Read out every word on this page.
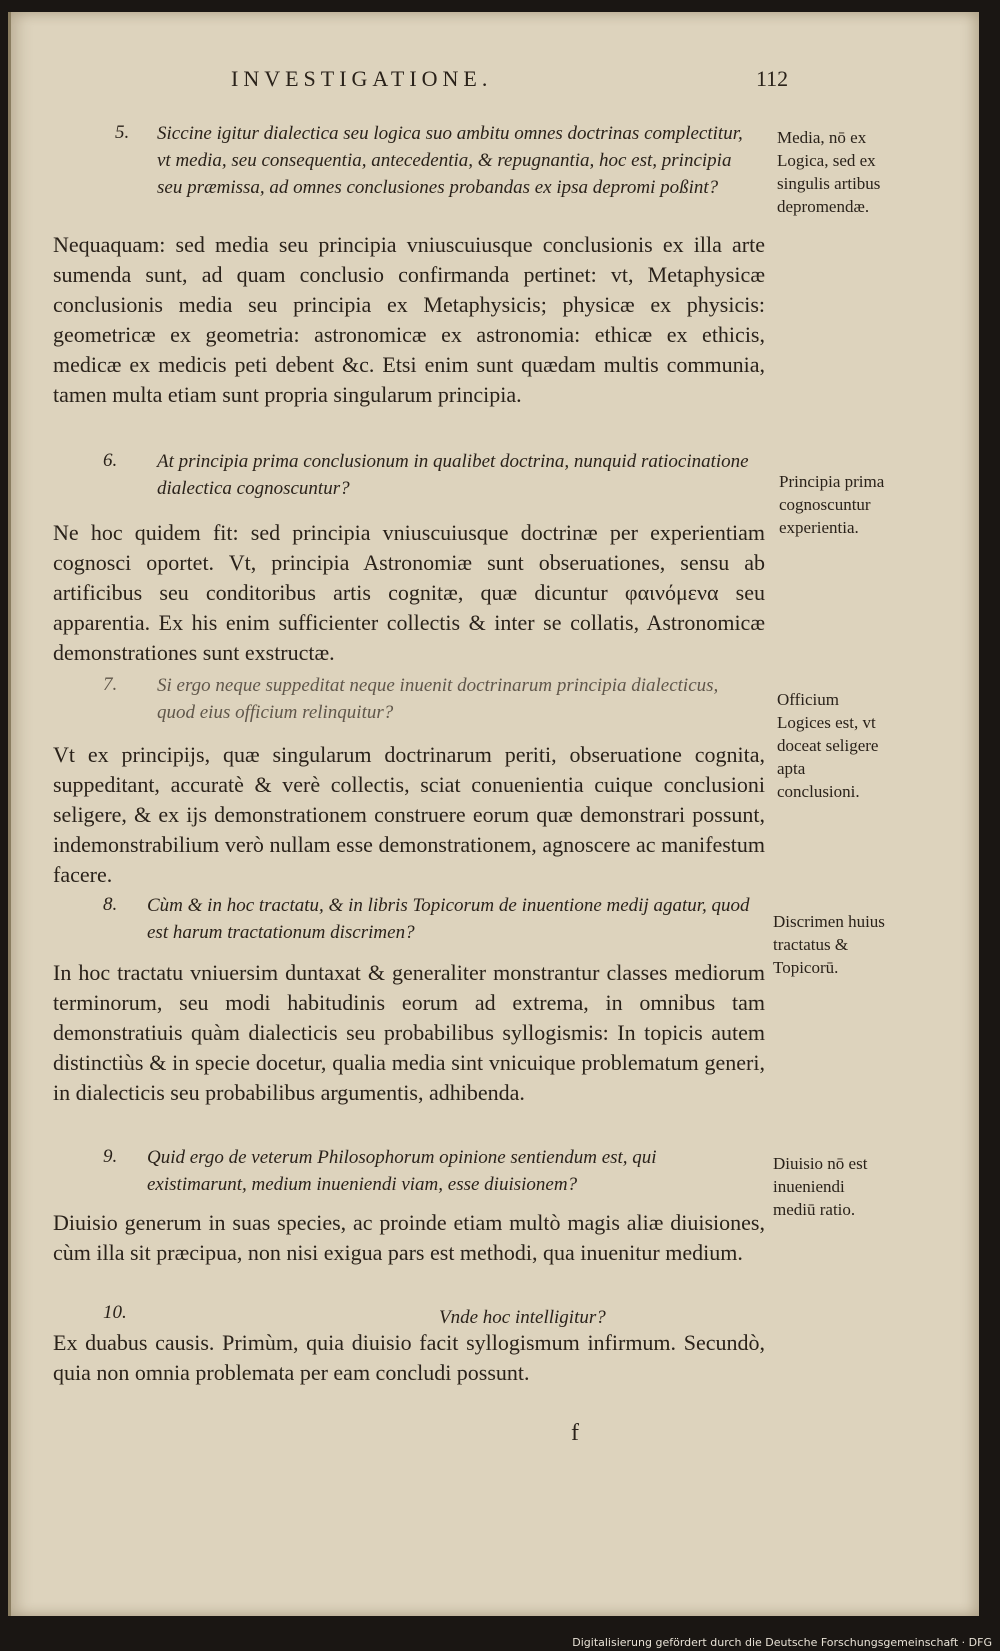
INVESTIGATIONE.	112
5. Siccine igitur dialectica seu logica suo ambitu omnes doctrinas complectitur, vt media, seu consequentia, antecedentia, & repugnantia, hoc est, principia seu præmissa, ad omnes conclusiones probandas ex ipsa depromi poßint?
Nequaquam: sed media seu principia vniuscuiusque conclusionis ex illa arte sumenda sunt, ad quam conclusio confirmanda pertinet: vt, Metaphysicæ conclusionis media seu principia ex Metaphysicis; physicæ ex physicis: geometricæ ex geometria: astronomicæ ex astronomia: ethicæ ex ethicis, medicæ ex medicis peti debent &c. Etsi enim sunt quædam multis communia, tamen multa etiam sunt propria singularum principia.
Media, nō ex Logica, sed ex singulis artibus depromendæ.
6. At principia prima conclusionum in qualibet doctrina, nunquid ratiocinatione dialectica cognoscuntur?
Ne hoc quidem fit: sed principia vniuscuiusque doctrinæ per experientiam cognosci oportet. Vt, principia Astronomiæ sunt obseruationes, sensu ab artificibus seu conditoribus artis cognitæ, quæ dicuntur φαινόμενα seu apparentia. Ex his enim sufficienter collectis & inter se collatis, Astronomicæ demonstrationes sunt exstructæ.
Principia prima cognoscuntur experientia.
7. Si ergo neque suppeditat neque inuenit doctrinarum principia dialecticus, quod eius officium relinquitur?
Vt ex principijs, quæ singularum doctrinarum periti, obseruatione cognita, suppeditant, accuratè & verè collectis, sciat conuenientia cuique conclusioni seligere, & ex ijs demonstrationem construere eorum quæ demonstrari possunt, indemonstrabilium verò nullam esse demonstrationem, agnoscere ac manifestum facere.
Officium Logices est, vt doceat seligere apta conclusioni.
8. Cùm & in hoc tractatu, & in libris Topicorum de inuentione medij agatur, quod est harum tractationum discrimen?
In hoc tractatu vniuersim duntaxat & generaliter monstrantur classes mediorum terminorum, seu modi habitudinis eorum ad extrema, in omnibus tam demonstratiuis quàm dialecticis seu probabilibus syllogismis: In topicis autem distinctiùs & in specie docetur, qualia media sint vnicuique problematum generi, in dialecticis seu probabilibus argumentis, adhibenda.
Discrimen huius tractatus & Topicorū.
9. Quid ergo de veterum Philosophorum opinione sentiendum est, qui existimarunt, medium inueniendi viam, esse diuisionem?
Diuisio generum in suas species, ac proinde etiam multò magis aliæ diuisiones, cùm illa sit præcipua, non nisi exigua pars est methodi, qua inuenitur medium.
Diuisio nō est inueniendi mediū ratio.
10.	Vnde hoc intelligitur?
Ex duabus causis. Primùm, quia diuisio facit syllogismum infirmum. Secundò, quia non omnia problemata per eam concludi possunt.
f
Digitalisierung gefördert durch die Deutsche Forschungsgemeinschaft · DFG
